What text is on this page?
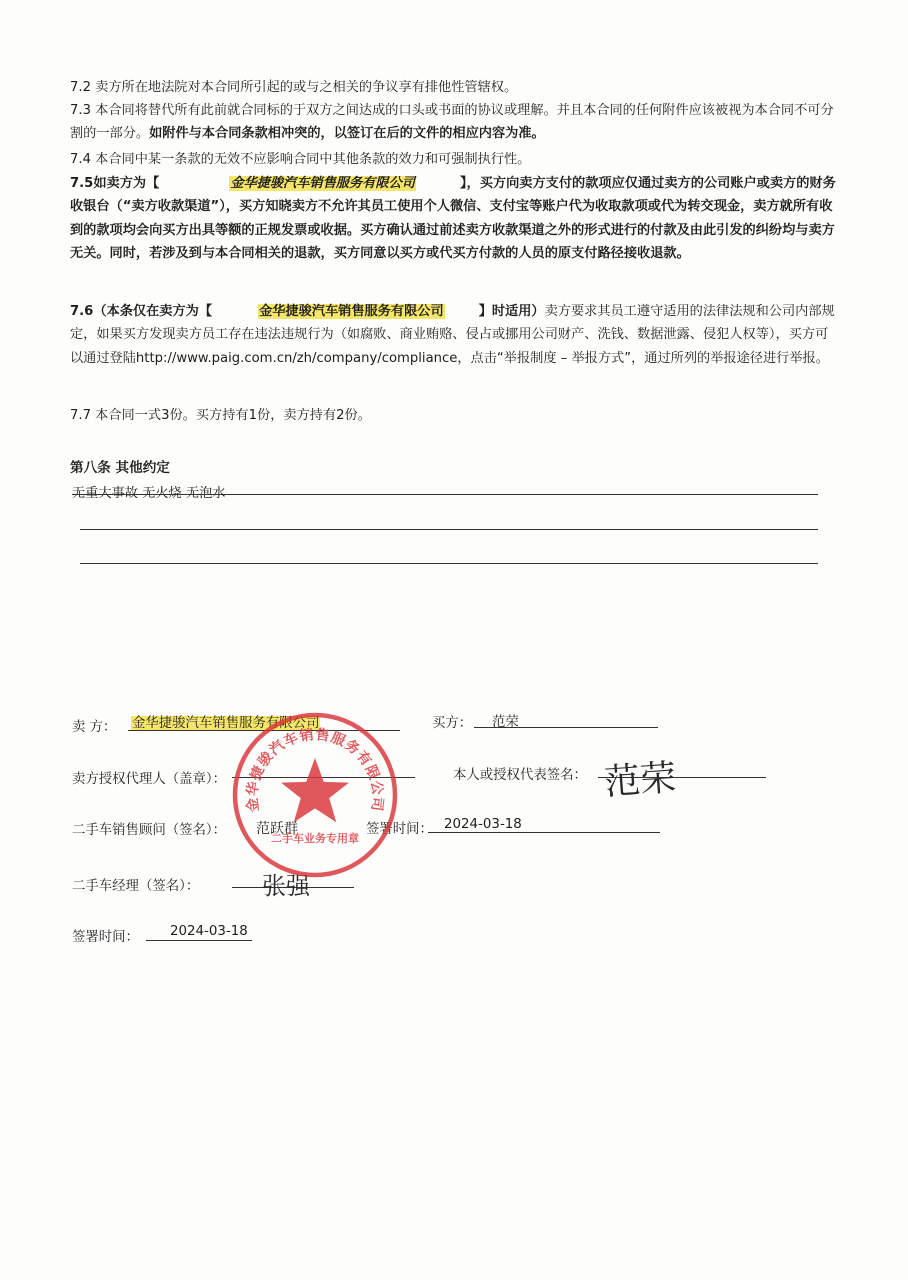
7.2 卖方所在地法院对本合同所引起的或与之相关的争议享有排他性管辖权。
7.3 本合同将替代所有此前就合同标的于双方之间达成的口头或书面的协议或理解。并且本合同的任何附件应该被视为本合同不可分割的一部分。如附件与本合同条款相冲突的，以签订在后的文件的相应内容为准。
7.4 本合同中某一条款的无效不应影响合同中其他条款的效力和可强制执行性。
7.5如卖方为【	金华捷骏汽车销售服务有限公司	】，买方向卖方支付的款项应仅通过卖方的公司账户或卖方的财务收银台（“卖方收款渠道”），买方知晓卖方不允许其员工使用个人微信、支付宝等账户代为收取款项或代为转交现金，卖方就所有收到的款项均会向买方出具等额的正规发票或收据。买方确认通过前述卖方收款渠道之外的形式进行的付款及由此引发的纠纷均与卖方无关。同时，若涉及到与本合同相关的退款，买方同意以买方或代买方付款的人员的原支付路径接收退款。
7.6（本条仅在卖方为【	金华捷骏汽车销售服务有限公司	】时适用）卖方要求其员工遵守适用的法律法规和公司内部规定，如果买方发现卖方员工存在违法违规行为（如腐败、商业贿赂、侵占或挪用公司财产、洗钱、数据泄露、侵犯人权等），买方可以通过登陆http://www.paig.com.cn/zh/company/compliance，点击“举报制度 – 举报方式”，通过所列的举报途径进行举报。
7.7 本合同一式3份。买方持有1份，卖方持有2份。
第八条 其他约定
无重大事故 无火烧 无泡水
卖 方： 金华捷骏汽车销售服务有限公司	买方： 范荣
卖方授权代理人（盖章）：	本人或授权代表签名： 范荣
二手车销售顾问（签名）： 范跃群	签署时间： 2024-03-18
二手车经理（签名）：	张强
签署时间： 2024-03-18
金华捷骏汽车销售服务有限公司
二手车业务专用章
